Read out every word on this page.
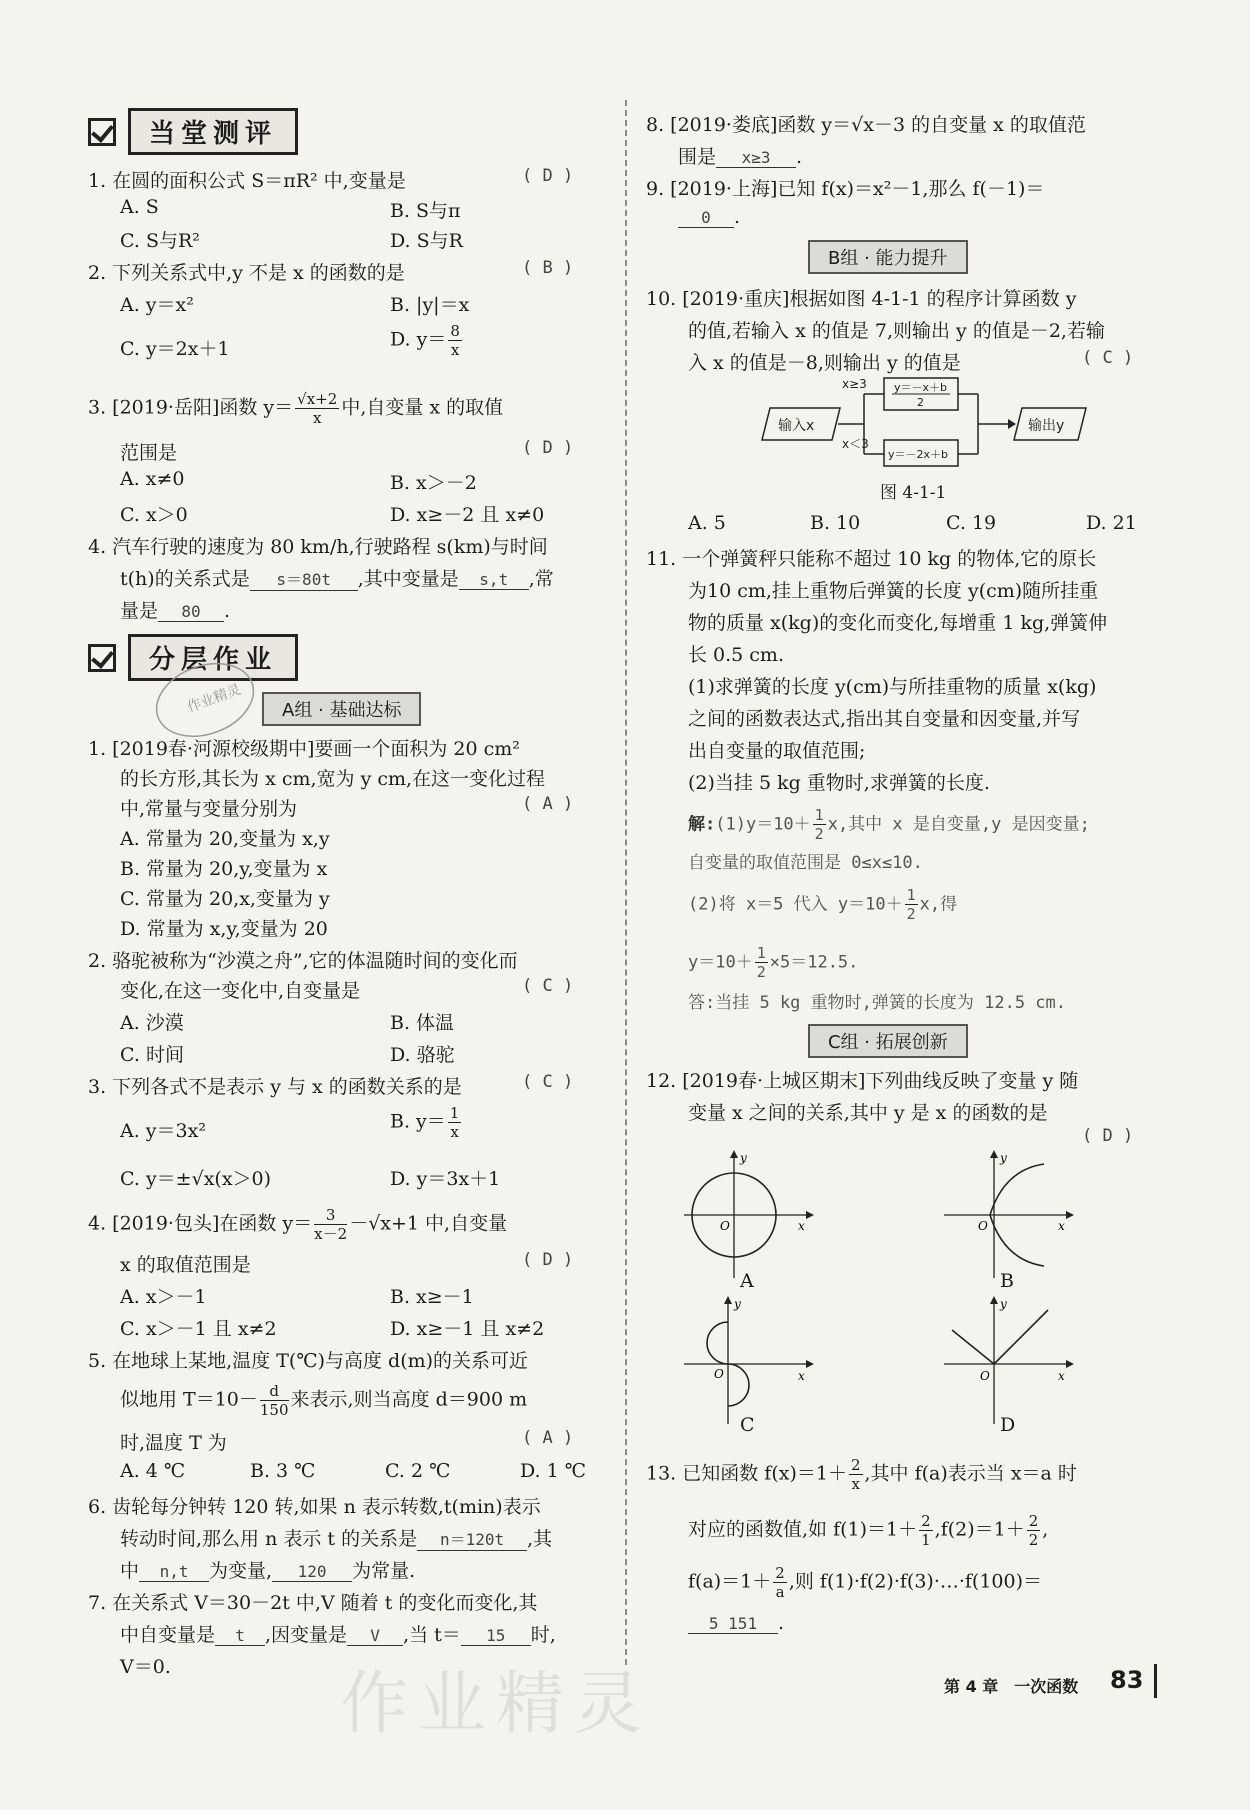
当堂测评
1. 在圆的面积公式 S＝πR² 中,变量是	( D )
A. S	B. S与π
C. S与R²	D. S与R
2. 下列关系式中,y 不是 x 的函数的是	( B )
A. y＝x²	B. |y|＝x
C. y＝2x＋1	D. $y= \frac{8}{x}$
3. [2019·岳阳]函数 $y= \frac{√x+2}{x}$ 中,自变量 x 的取值
范围是	( D )
A. x≠0	B. x＞－2
C. x＞0	D. x≥－2 且 x≠0
4. 汽车行驶的速度为 80 km/h,行驶路程 s(km)与时间
t(h)的关系式是 s＝80t ,其中变量是 s,t ,常
量是 80 .
分层作业
作业精灵	A组 · 基础达标
1. [2019春·河源校级期中]要画一个面积为 20 cm²
的长方形,其长为 x cm,宽为 y cm,在这一变化过程
中,常量与变量分别为	( A )
A. 常量为 20,变量为 x,y
B. 常量为 20,y,变量为 x
C. 常量为 20,x,变量为 y
D. 常量为 x,y,变量为 20
2. 骆驼被称为“沙漠之舟”,它的体温随时间的变化而
变化,在这一变化中,自变量是	( C )
A. 沙漠	B. 体温
C. 时间	D. 骆驼
3. 下列各式不是表示 y 与 x 的函数关系的是	( C )
A. y＝3x²	B. $y= \frac{1}{x}$
C. y＝±√x(x＞0)	D. y＝3x＋1
4. [2019·包头]在函数 $y= \frac{3}{x-2} -√x+1$ 中,自变量
x 的取值范围是	( D )
A. x＞－1	B. x≥－1
C. x＞－1 且 x≠2	D. x≥－1 且 x≠2
5. 在地球上某地,温度 T(℃)与高度 d(m)的关系可近
似地用 $T=10- \frac{d}{150}$ 来表示,则当高度 d＝900 m
时,温度 T 为	( A )
A. 4 ℃	B. 3 ℃	C. 2 ℃	D. 1 ℃
6. 齿轮每分钟转 120 转,如果 n 表示转数,t(min)表示
转动时间,那么用 n 表示 t 的关系是 n＝120t ,其
中 n,t 为变量, 120 为常量.
7. 在关系式 V＝30－2t 中,V 随着 t 的变化而变化,其
中自变量是 t ,因变量是 V ,当 t＝ 15 时,
V＝0.
8. [2019·娄底]函数 y＝√x－3 的自变量 x 的取值范
围是 x≥3 .
9. [2019·上海]已知 f(x)＝x²－1,那么 f(－1)＝
0 .
B组 · 能力提升
10. [2019·重庆]根据如图 4-1-1 的程序计算函数 y
的值,若输入 x 的值是 7,则输出 y 的值是－2,若输
入 x 的值是－8,则输出 y 的值是	( C )
输入x
x≥3
x＜3
y＝－x＋b
2
y＝－2x＋b
输出y
图 4-1-1
A. 5	B. 10	C. 19	D. 21
11. 一个弹簧秤只能称不超过 10 kg 的物体,它的原长
为10 cm,挂上重物后弹簧的长度 y(cm)随所挂重
物的质量 x(kg)的变化而变化,每增重 1 kg,弹簧伸
长 0.5 cm.
(1)求弹簧的长度 y(cm)与所挂重物的质量 x(kg)
之间的函数表达式,指出其自变量和因变量,并写
出自变量的取值范围;
(2)当挂 5 kg 重物时,求弹簧的长度.
解:(1)y＝10＋ $\frac{1}{2} x$,其中 x 是自变量,y 是因变量;
自变量的取值范围是 0≤x≤10.
(2)将 x＝5 代入 $y=10+ \frac{1}{2} x$,得
$y=10+ \frac{1}{2} \times 5=12.5$.
答:当挂 5 kg 重物时,弹簧的长度为 12.5 cm.
C组 · 拓展创新
12. [2019春·上城区期末]下列曲线反映了变量 y 随
变量 x 之间的关系,其中 y 是 x 的函数的是
( D )
O	x
y
A
O	x
y
B
O	x
y
C
O	x
y
D
13. 已知函数 $f(x)=1+ \frac{2}{x}$ ,其中 f(a)表示当 x＝a 时
对应的函数值,如 $f(1)=1+ \frac{2}{1} ,f(2)=1+ \frac{2}{2}$ ,
$f(a)=1+ \frac{2}{a}$ ,则 f(1)·f(2)·f(3)·…·f(100)＝
5 151 .
作业精灵	第 4 章　一次函数 83
